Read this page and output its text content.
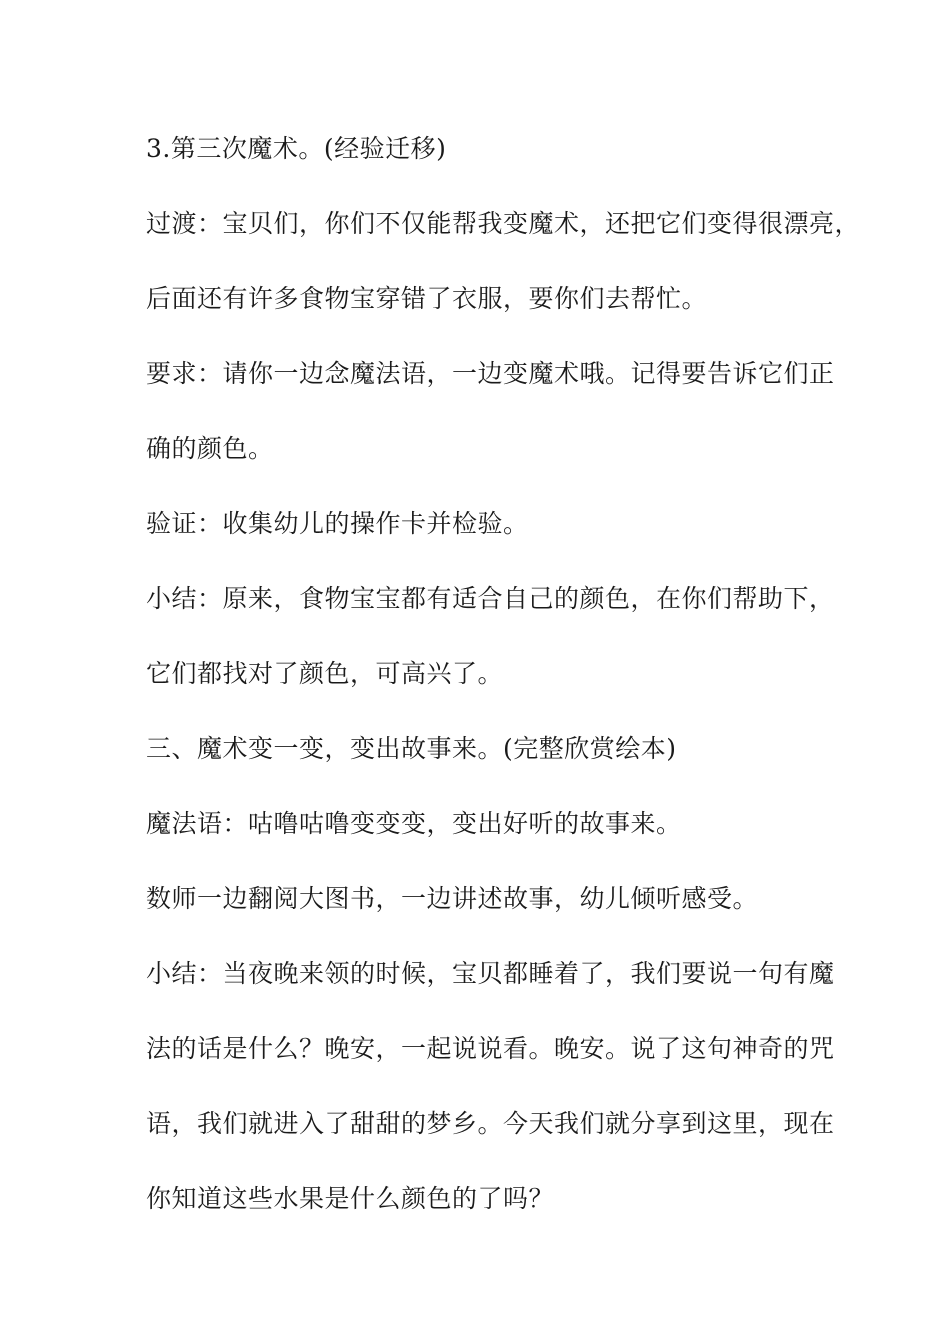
3.第三次魔术。(经验迁移)
过渡：宝贝们，你们不仅能帮我变魔术，还把它们变得很漂亮，
后面还有许多食物宝穿错了衣服，要你们去帮忙。
要求：请你一边念魔法语，一边变魔术哦。记得要告诉它们正
确的颜色。
验证：收集幼儿的操作卡并检验。
小结：原来，食物宝宝都有适合自己的颜色，在你们帮助下，
它们都找对了颜色，可高兴了。
三、魔术变一变，变出故事来。(完整欣赏绘本)
魔法语：咕噜咕噜变变变，变出好听的故事来。
数师一边翻阅大图书，一边讲述故事，幼儿倾听感受。
小结：当夜晚来领的时候，宝贝都睡着了，我们要说一句有魔
法的话是什么？晚安，一起说说看。晚安。说了这句神奇的咒
语，我们就进入了甜甜的梦乡。今天我们就分享到这里，现在
你知道这些水果是什么颜色的了吗？
